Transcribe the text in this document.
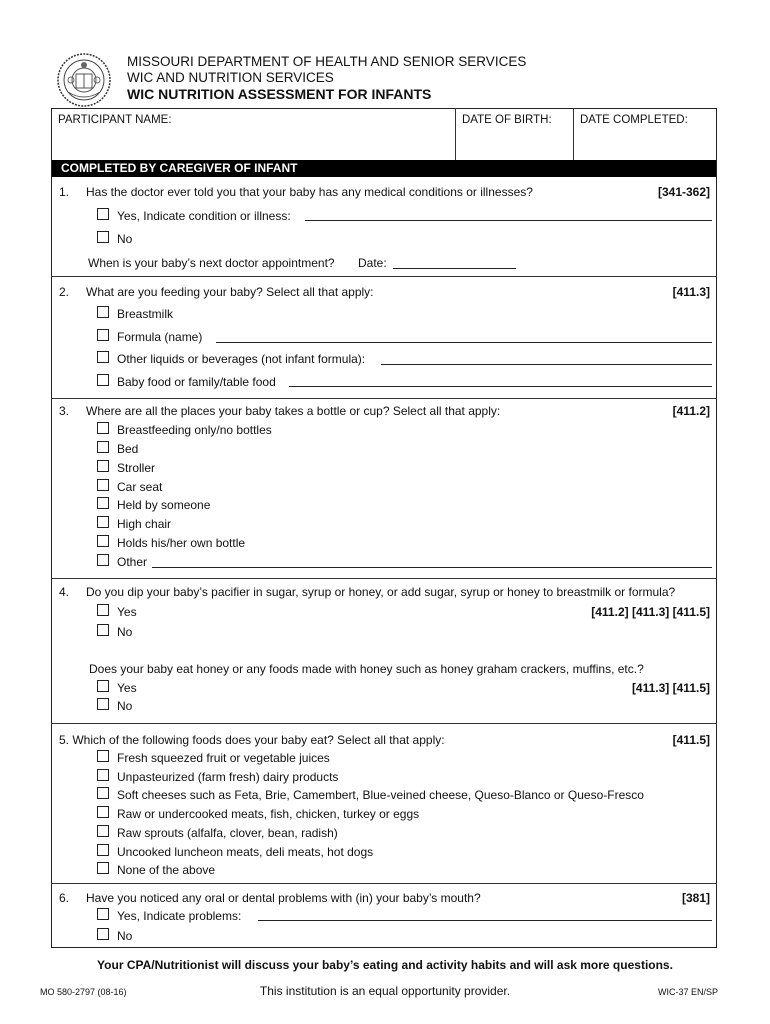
MISSOURI DEPARTMENT OF HEALTH AND SENIOR SERVICES
WIC AND NUTRITION SERVICES
WIC NUTRITION ASSESSMENT FOR INFANTS
PARTICIPANT NAME:	DATE OF BIRTH: DATE COMPLETED:
COMPLETED BY CAREGIVER OF INFANT
1. Has the doctor ever told you that your baby has any medical conditions or illnesses?	[341-362]
Yes, Indicate condition or illness:
No
When is your baby’s next doctor appointment? Date:
2. What are you feeding your baby? Select all that apply:	[411.3]
Breastmilk
Formula (name)
Other liquids or beverages (not infant formula):
Baby food or family/table food
3. Where are all the places your baby takes a bottle or cup? Select all that apply:	[411.2]
Breastfeeding only/no bottles
Bed
Stroller
Car seat
Held by someone
High chair
Holds his/her own bottle
Other
4. Do you dip your baby’s pacifier in sugar, syrup or honey, or add sugar, syrup or honey to breastmilk or formula?
[411.2] [411.3] [411.5]
Yes
No
Does your baby eat honey or any foods made with honey such as honey graham crackers, muffins, etc.?
[411.3] [411.5]
Yes
No
5. Which of the following foods does your baby eat? Select all that apply:	[411.5]
Fresh squeezed fruit or vegetable juices
Unpasteurized (farm fresh) dairy products
Soft cheeses such as Feta, Brie, Camembert, Blue-veined cheese, Queso-Blanco or Queso-Fresco
Raw or undercooked meats, fish, chicken, turkey or eggs
Raw sprouts (alfalfa, clover, bean, radish)
Uncooked luncheon meats, deli meats, hot dogs
None of the above
6. Have you noticed any oral or dental problems with (in) your baby’s mouth?	[381]
Yes, Indicate problems:
No
Your CPA/Nutritionist will discuss your baby’s eating and activity habits and will ask more questions.
MO 580-2797 (08-16)	This institution is an equal opportunity provider.	WIC-37 EN/SP
